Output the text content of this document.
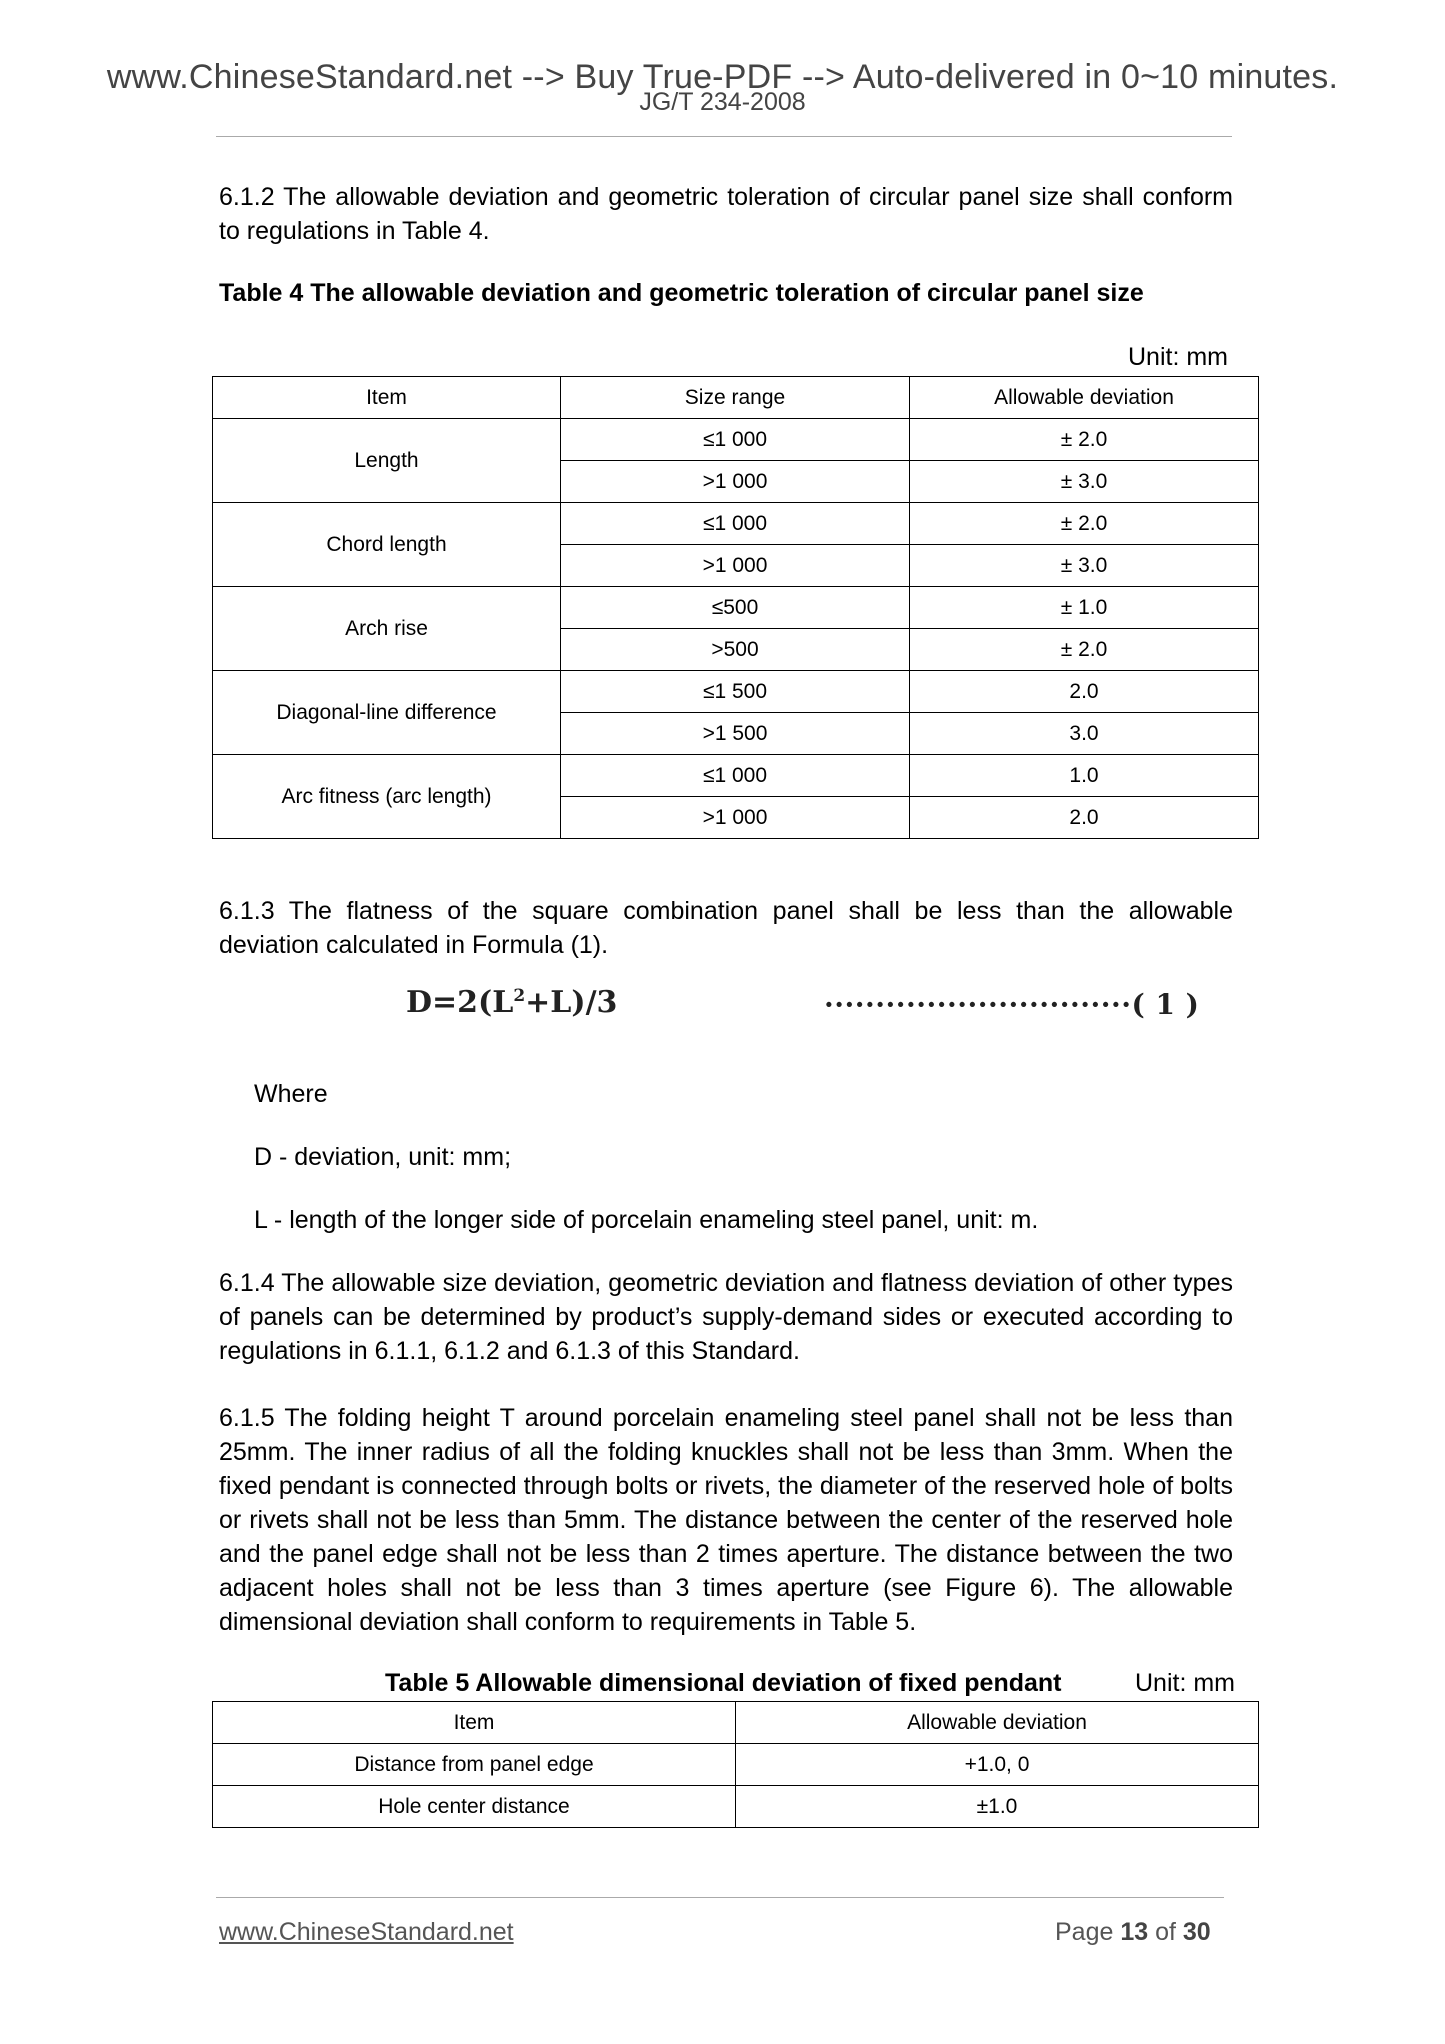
www.ChineseStandard.net --> Buy True-PDF --> Auto-delivered in 0~10 minutes.
JG/T 234-2008
6.1.2 The allowable deviation and geometric toleration of circular panel size shall conform to regulations in Table 4.
Table 4 The allowable deviation and geometric toleration of circular panel size
Unit: mm
Item	Size range	Allowable deviation
Length	≤1 000	± 2.0
	>1 000	± 3.0
Chord length	≤1 000	± 2.0
	>1 000	± 3.0
Arch rise	≤500	± 1.0
	>500	± 2.0
Diagonal-line difference	≤1 500	2.0
	>1 500	3.0
Arc fitness (arc length)	≤1 000	1.0
	>1 000	2.0
6.1.3 The flatness of the square combination panel shall be less than the allowable deviation calculated in Formula (1).
$D=2(L^2+L)/3$	······························( 1 )
Where
D - deviation, unit: mm;
L - length of the longer side of porcelain enameling steel panel, unit: m.
6.1.4 The allowable size deviation, geometric deviation and flatness deviation of other types of panels can be determined by product’s supply-demand sides or executed according to regulations in 6.1.1, 6.1.2 and 6.1.3 of this Standard.
6.1.5 The folding height T around porcelain enameling steel panel shall not be less than 25mm. The inner radius of all the folding knuckles shall not be less than 3mm. When the fixed pendant is connected through bolts or rivets, the diameter of the reserved hole of bolts or rivets shall not be less than 5mm. The distance between the center of the reserved hole and the panel edge shall not be less than 2 times aperture. The distance between the two adjacent holes shall not be less than 3 times aperture (see Figure 6). The allowable dimensional deviation shall conform to requirements in Table 5.
Table 5 Allowable dimensional deviation of fixed pendant	Unit: mm
Item	Allowable deviation
Distance from panel edge	+1.0, 0
Hole center distance	±1.0
www.ChineseStandard.net	Page 13 of 30
